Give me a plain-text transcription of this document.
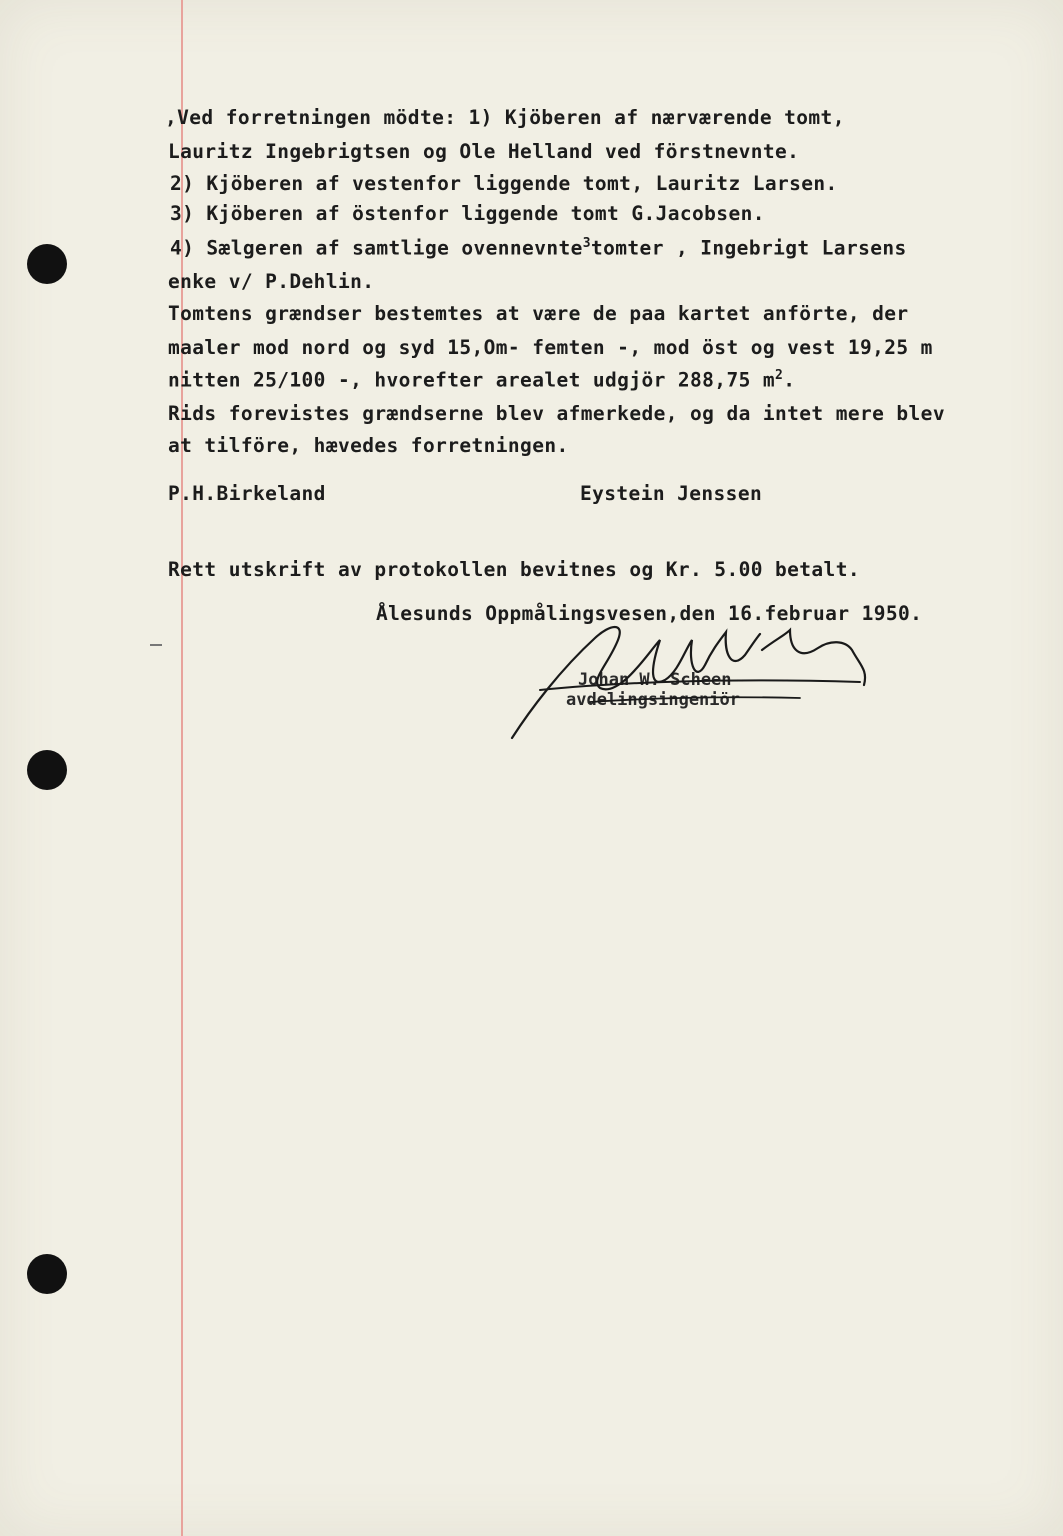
,Ved forretningen mödte: 1) Kjöberen af nærværende tomt,
Lauritz Ingebrigtsen og Ole Helland ved förstnevnte.
2) Kjöberen af vestenfor liggende tomt, Lauritz Larsen.
3) Kjöberen af östenfor liggende tomt G.Jacobsen.
4) Sælgeren af samtlige ovennevnte$^3$tomter , Ingebrigt Larsens
enke v/ P.Dehlin.
Tomtens grændser bestemtes at være de paa kartet anförte, der
maaler mod nord og syd 15,Om- femten -, mod öst og vest 19,25 m
nitten 25/100 -, hvorefter arealet udgjör 288,75 $m^2$.
Rids forevistes grændserne blev afmerkede, og da intet mere blev
at tilföre, hævedes forretningen.
P.H.Birkeland	Eystein Jenssen
Rett utskrift av protokollen bevitnes og Kr. 5.00 betalt.
Ålesunds Oppmålingsvesen,den 16.februar 1950.
Johan W. Scheen
avdelingsingeniör
